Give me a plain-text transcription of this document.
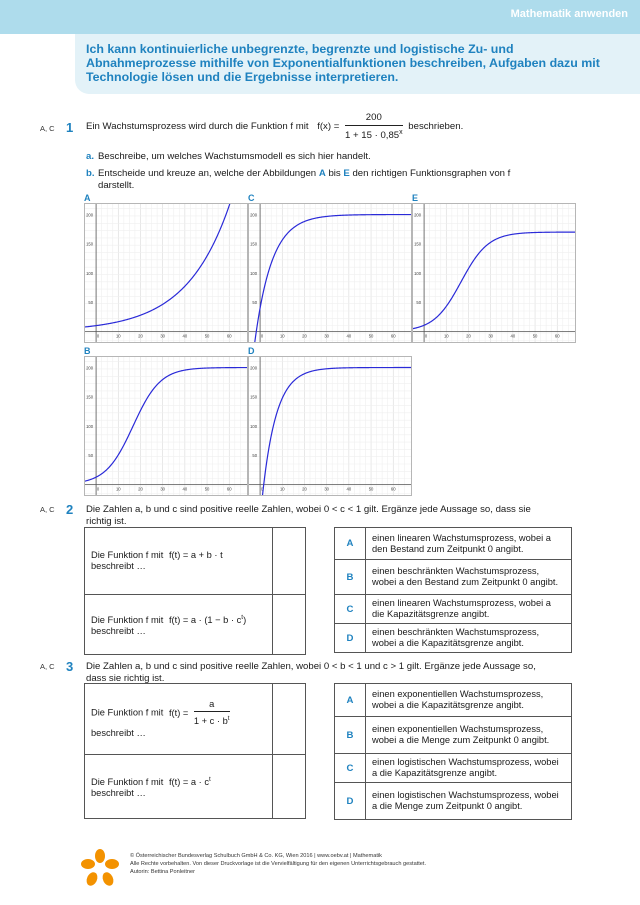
Mathematik anwenden
Ich kann kontinuierliche unbegrenzte, begrenzte und logistische Zu- und Abnahmeprozesse mithilfe von Exponentialfunktionen beschreiben, Aufgaben dazu mit Technologie lösen und die Ergebnisse interpretieren.
A, C 1 Ein Wachstumsprozess wird durch die Funktion f mit $f(x) = \frac{200}{1 + 15 \cdot 0,85^x}$ beschrieben.
a. Beschreibe, um welches Wachstumsmodell es sich hier handelt.
b. Entscheide und kreuze an, welche der Abbildungen A bis E den richtigen Funktionsgraphen von f
darstellt.
A	C	E
B	D
200
150
100
50
0	10	20	30	40	50	60
200
150
100
50
0	10	20	30	40	50	60
200
150
100
50
0	10	20	30	40	50	60
200
150
100
50
0	10	20	30	40	50	60
200
150
100
50
0	10	20	30	40	50	60
A, C 2 Die Zahlen a, b und c sind positive reelle Zahlen, wobei 0 < c < 1 gilt. Ergänze jede Aussage so, dass sie
richtig ist.
Die Funktion f mit f(t) = a + b · t
beschreibt …	
Die Funktion f mit $f(t) = a \cdot (1 - b \cdot c^t)$
beschreibt …	
A	einen linearen Wachstumsprozess, wobei a den Bestand zum Zeitpunkt 0 angibt.
B	einen beschränkten Wachstumsprozess, wobei a den Bestand zum Zeitpunkt 0 angibt.
C	einen linearen Wachstumsprozess, wobei a die Kapazitätsgrenze angibt.
D	einen beschränkten Wachstumsprozess, wobei a die Kapazitätsgrenze angibt.
A, C 3 Die Zahlen a, b und c sind positive reelle Zahlen, wobei 0 < b < 1 und c > 1 gilt. Ergänze jede Aussage so,
dass sie richtig ist.
Die Funktion f mit $f(t) = \frac{a}{1 + c \cdot b^t}$

beschreibt …	
Die Funktion f mit $f(t) = a \cdot c^t$
beschreibt …	
A	einen exponentiellen Wachstumsprozess, wobei a die Kapazitätsgrenze angibt.
B	einen exponentiellen Wachstumsprozess, wobei a die Menge zum Zeitpunkt 0 angibt.
C	einen logistischen Wachstumsprozess, wobei a die Kapazitätsgrenze angibt.
D	einen logistischen Wachstumsprozess, wobei a die Menge zum Zeitpunkt 0 angibt.
öbv
© Österreichischer Bundesverlag Schulbuch GmbH & Co. KG, Wien 2016 | www.oebv.at | Mathematik
Alle Rechte vorbehalten. Von dieser Druckvorlage ist die Vervielfältigung für den eigenen Unterrichtsgebrauch gestattet.
Autorin: Bettina Ponleitner
